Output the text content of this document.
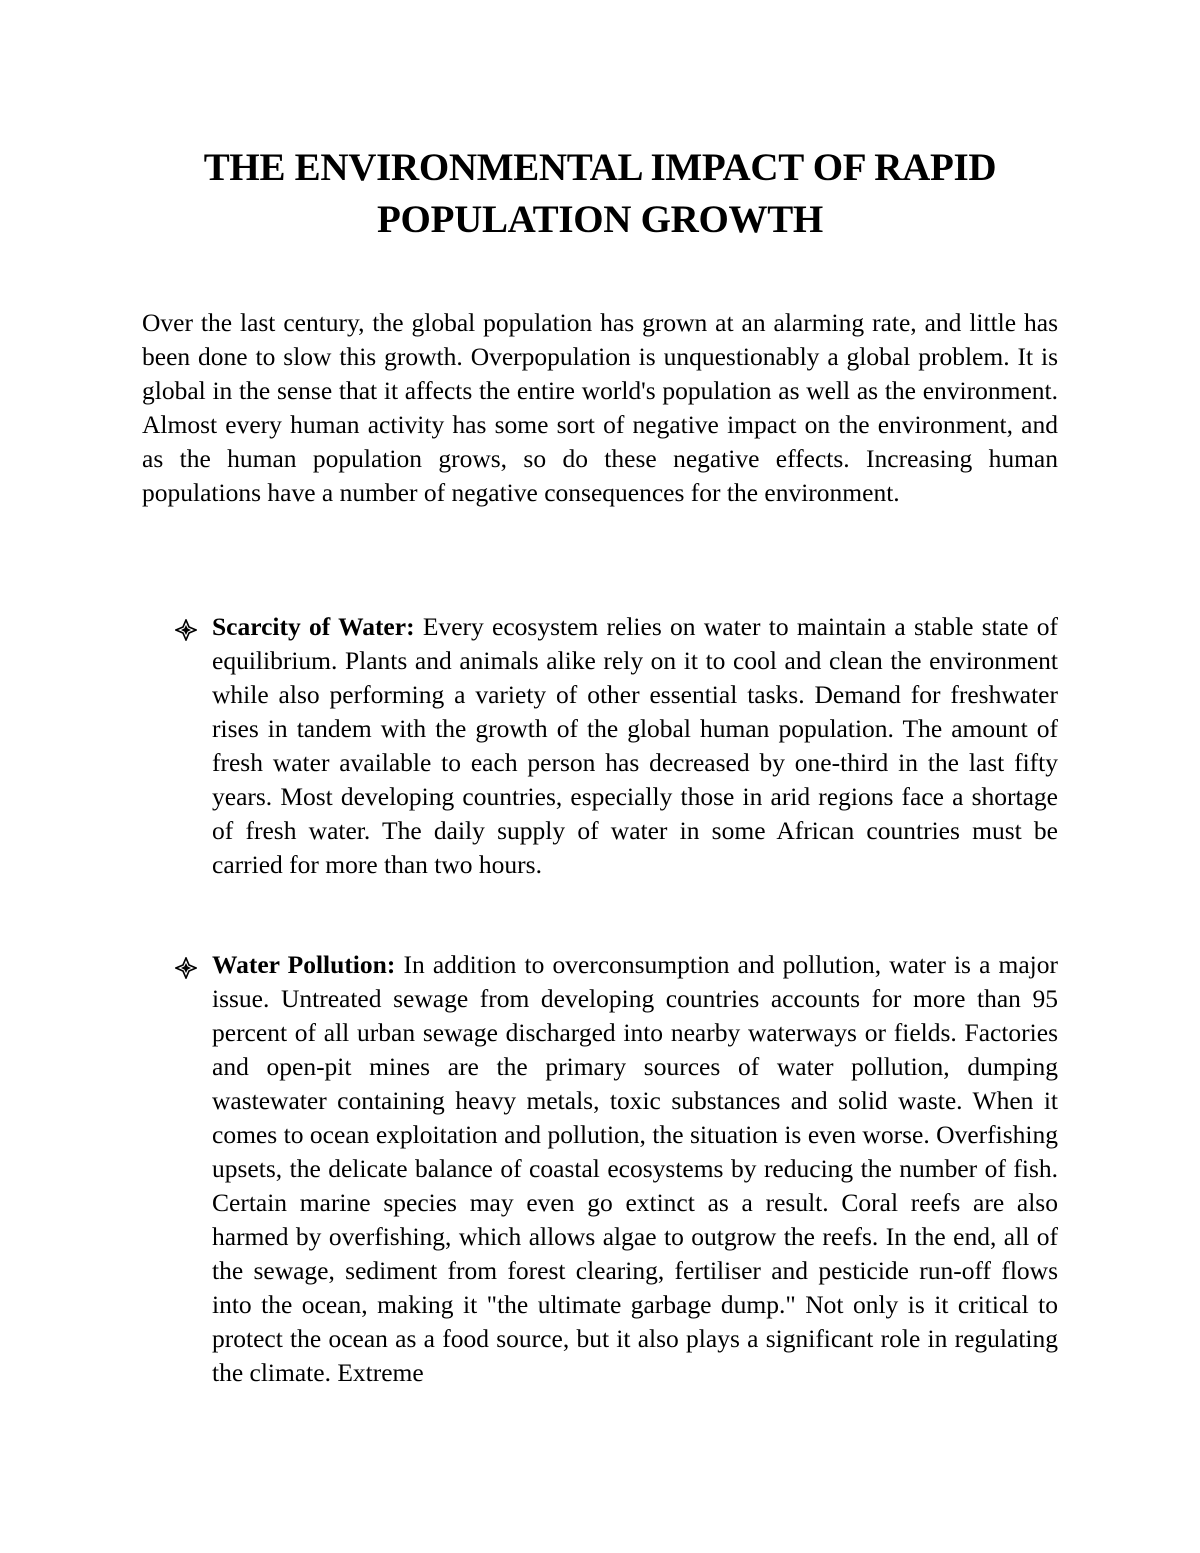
THE ENVIRONMENTAL IMPACT OF RAPID
POPULATION GROWTH

Over the last century, the global population has grown at an alarming rate, and little has been done to slow this growth. Overpopulation is unquestionably a global problem. It is global in the sense that it affects the entire world's population as well as the environment. Almost every human activity has some sort of negative impact on the environment, and as the human population grows, so do these negative effects. Increasing human populations have a number of negative consequences for the environment.

Scarcity of Water: Every ecosystem relies on water to maintain a stable state of equilibrium. Plants and animals alike rely on it to cool and clean the environment while also performing a variety of other essential tasks. Demand for freshwater rises in tandem with the growth of the global human population. The amount of fresh water available to each person has decreased by one-third in the last fifty years. Most developing countries, especially those in arid regions face a shortage of fresh water. The daily supply of water in some African countries must be carried for more than two hours.

Water Pollution: In addition to overconsumption and pollution, water is a major issue. Untreated sewage from developing countries accounts for more than 95 percent of all urban sewage discharged into nearby waterways or fields. Factories and open-pit mines are the primary sources of water pollution, dumping wastewater containing heavy metals, toxic substances and solid waste. When it comes to ocean exploitation and pollution, the situation is even worse. Overfishing upsets, the delicate balance of coastal ecosystems by reducing the number of fish. Certain marine species may even go extinct as a result. Coral reefs are also harmed by overfishing, which allows algae to outgrow the reefs. In the end, all of the sewage, sediment from forest clearing, fertiliser and pesticide run-off flows into the ocean, making it "the ultimate garbage dump." Not only is it critical to protect the ocean as a food source, but it also plays a significant role in regulating the climate. Extreme
